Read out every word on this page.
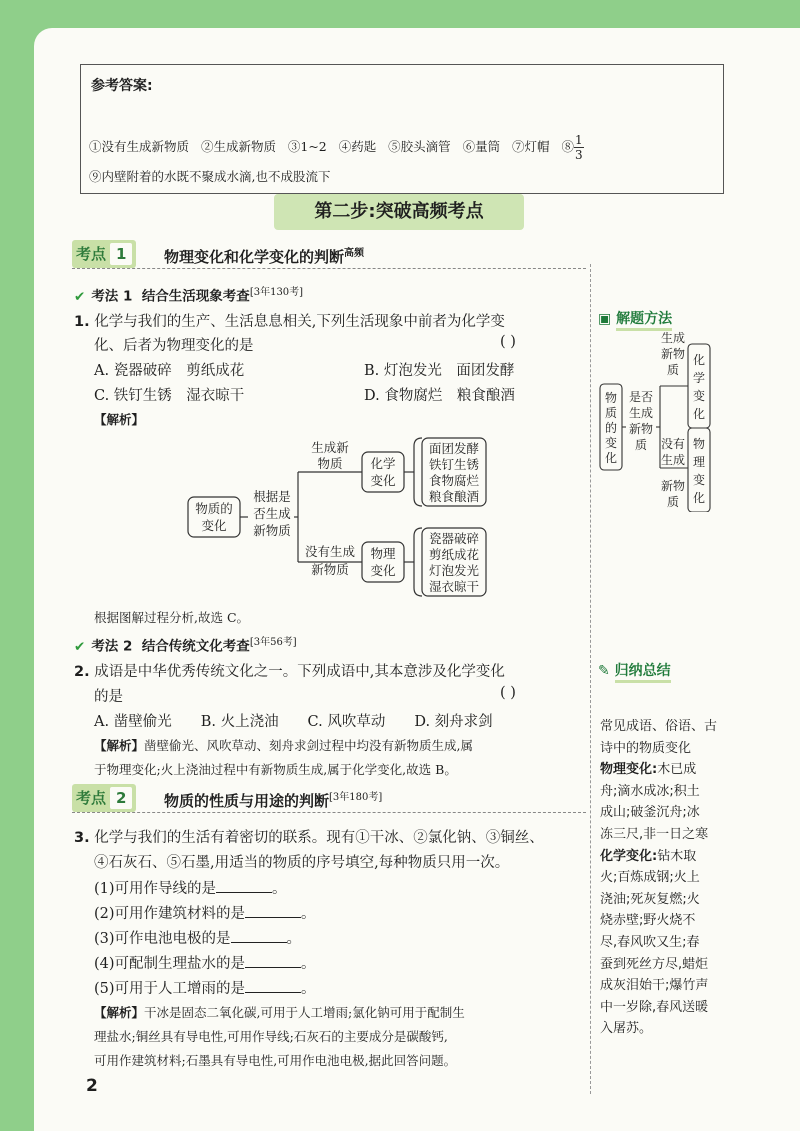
参考答案:
①没有生成新物质 ②生成新物质 ③1~2 ④药匙 ⑤胶头滴管 ⑥量筒 ⑦灯帽 ⑧ $\frac{1}{3}$
⑨内壁附着的水既不聚成水滴,也不成股流下
第二步:突破高频考点
考点 1	物理变化和化学变化的判断$^{高频}$
✔ 考法 1 结合生活现象考查[3年130考]
1. 化学与我们的生产、生活息息相关,下列生活现象中前者为化学变
化、后者为物理变化的是	( )
A. 瓷器破碎　剪纸成花	B. 灯泡发光　面团发酵
C. 铁钉生锈　湿衣晾干	D. 食物腐烂　粮食酿酒
【解析】
物质的
变化
根据是
否生成
新物质
生成新
物质
没有生成
新物质
化学
变化
物理
变化
面团发酵
铁钉生锈
食物腐烂
粮食酿酒
瓷器破碎
剪纸成花
灯泡发光
湿衣晾干
根据图解过程分析,故选 C。
✔ 考法 2 结合传统文化考查[3年56考]
2. 成语是中华优秀传统文化之一。下列成语中,其本意涉及化学变化
的是	( )
A. 凿壁偷光　　B. 火上浇油　　C. 风吹草动　　D. 刻舟求剑
【解析】凿壁偷光、风吹草动、刻舟求剑过程中均没有新物质生成,属
于物理变化;火上浇油过程中有新物质生成,属于化学变化,故选 B。
考点 2	物质的性质与用途的判断[3年180考]
3. 化学与我们的生活有着密切的联系。现有①干冰、②氯化钠、③铜丝、
④石灰石、⑤石墨,用适当的物质的序号填空,每种物质只用一次。
(1)可用作导线的是	。
(2)可用作建筑材料的是	。
(3)可作电池电极的是	。
(4)可配制生理盐水的是	。
(5)可用于人工增雨的是	。
【解析】干冰是固态二氧化碳,可用于人工增雨;氯化钠可用于配制生
理盐水;铜丝具有导电性,可用作导线;石灰石的主要成分是碳酸钙,
可用作建筑材料;石墨具有导电性,可用作电池电极,据此回答问题。
▣ 解题方法
物
质
的
变
化
是否
生成
新物
质
生成
新物
质
没有
生成
新物
质
化
学
变
化
物
理
变
化
✎ 归纳总结
常见成语、俗语、古
诗中的物质变化
物理变化:木已成
舟;滴水成冰;积土
成山;破釜沉舟;冰
冻三尺,非一日之寒
化学变化:钻木取
火;百炼成钢;火上
浇油;死灰复燃;火
烧赤壁;野火烧不
尽,春风吹又生;春
蚕到死丝方尽,蜡炬
成灰泪始干;爆竹声
中一岁除,春风送暖
入屠苏。
2
